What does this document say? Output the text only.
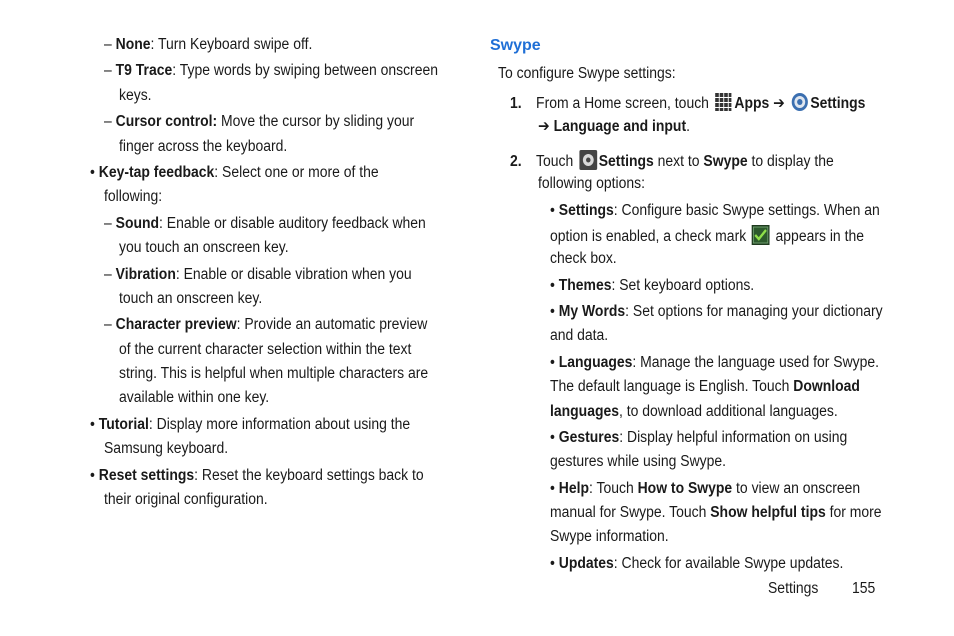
– None: Turn Keyboard swipe off.
– T9 Trace: Type words by swiping between onscreen
keys.
– Cursor control: Move the cursor by sliding your
finger across the keyboard.
• Key-tap feedback: Select one or more of the
following:
– Sound: Enable or disable auditory feedback when
you touch an onscreen key.
– Vibration: Enable or disable vibration when you
touch an onscreen key.
– Character preview: Provide an automatic preview
of the current character selection within the text
string. This is helpful when multiple characters are
available within one key.
• Tutorial: Display more information about using the
Samsung keyboard.
• Reset settings: Reset the keyboard settings back to
their original configuration.
Swype
To configure Swype settings:
1. From a Home screen, touch Apps ➔ Settings
➔ Language and input.
2. Touch Settings next to Swype to display the
following options:
• Settings: Configure basic Swype settings. When an
option is enabled, a check mark  appears in the
check box.
• Themes: Set keyboard options.
• My Words: Set options for managing your dictionary
and data.
• Languages: Manage the language used for Swype.
The default language is English. Touch Download
languages, to download additional languages.
• Gestures: Display helpful information on using
gestures while using Swype.
• Help: Touch How to Swype to view an onscreen
manual for Swype. Touch Show helpful tips for more
Swype information.
• Updates: Check for available Swype updates.
Settings 155
